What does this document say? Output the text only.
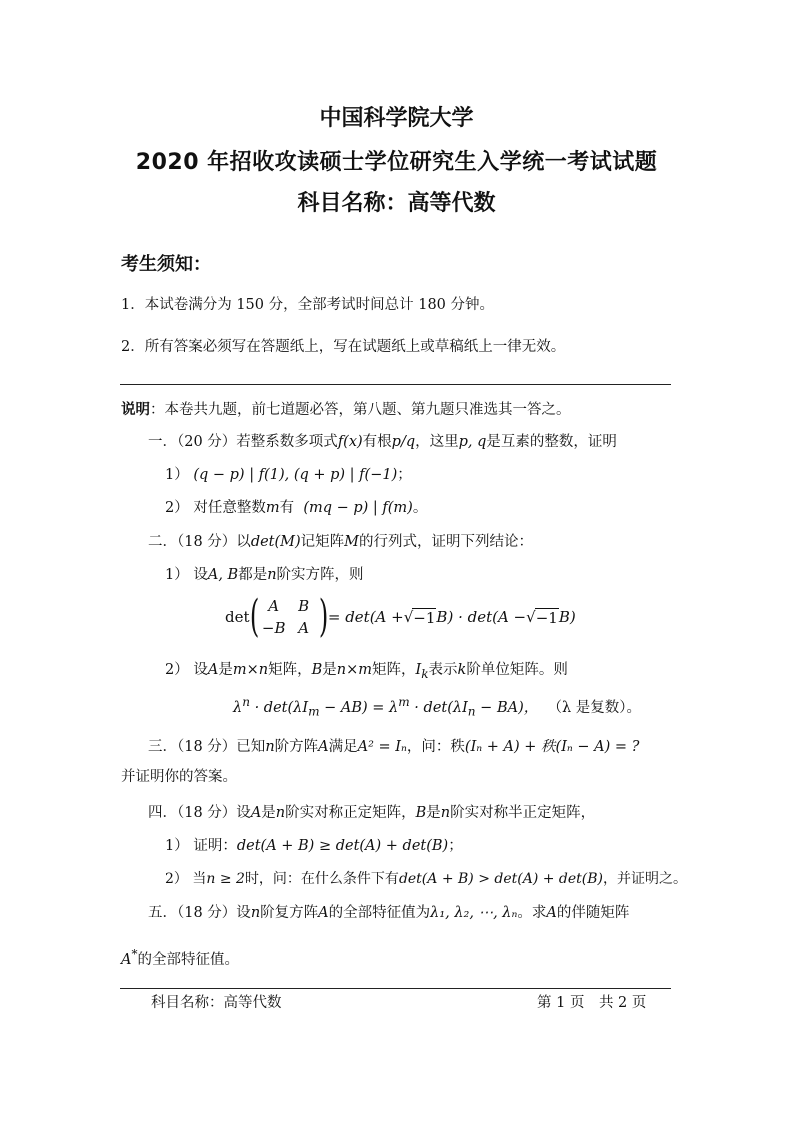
中国科学院大学
2020 年招收攻读硕士学位研究生入学统一考试试题
科目名称：高等代数
考生须知：
1．本试卷满分为 150 分，全部考试时间总计 180 分钟。
2．所有答案必须写在答题纸上，写在试题纸上或草稿纸上一律无效。
说明：本卷共九题，前七道题必答，第八题、第九题只准选其一答之。
一．（20 分）若整系数多项式f(x)有根p/q，这里p, q是互素的整数，证明
1） (q − p) | f(1), (q + p) | f(−1)；
2） 对任意整数m有 (mq − p) | f(m)。
二．（18 分）以det(M)记矩阵M的行列式，证明下列结论：
1） 设A, B都是n阶实方阵，则
det ( A	B
−B A ) = det(A + √ −1 B) · det(A − √ −1 B)
2） 设A是m×n矩阵，B是n×m矩阵，$I_k$表示k阶单位矩阵。则
$\lambda^n \cdot \det(\lambda I_m - AB) = \lambda^m \cdot \det(\lambda I_n - BA)$， （λ 是复数）。
三．（18 分）已知n阶方阵A满足A² = Iₙ，问：秩(Iₙ + A) + 秩(Iₙ − A) = ?
并证明你的答案。
四．（18 分）设A是n阶实对称正定矩阵，B是n阶实对称半正定矩阵，
1） 证明：det(A + B) ≥ det(A) + det(B)；
2） 当n ≥ 2时，问：在什么条件下有det(A + B) > det(A) + det(B)，并证明之。
五．（18 分）设n阶复方阵A的全部特征值为λ₁, λ₂, ⋯, λₙ。求A的伴随矩阵
A*的全部特征值。
科目名称：高等代数	第 1 页　共 2 页
